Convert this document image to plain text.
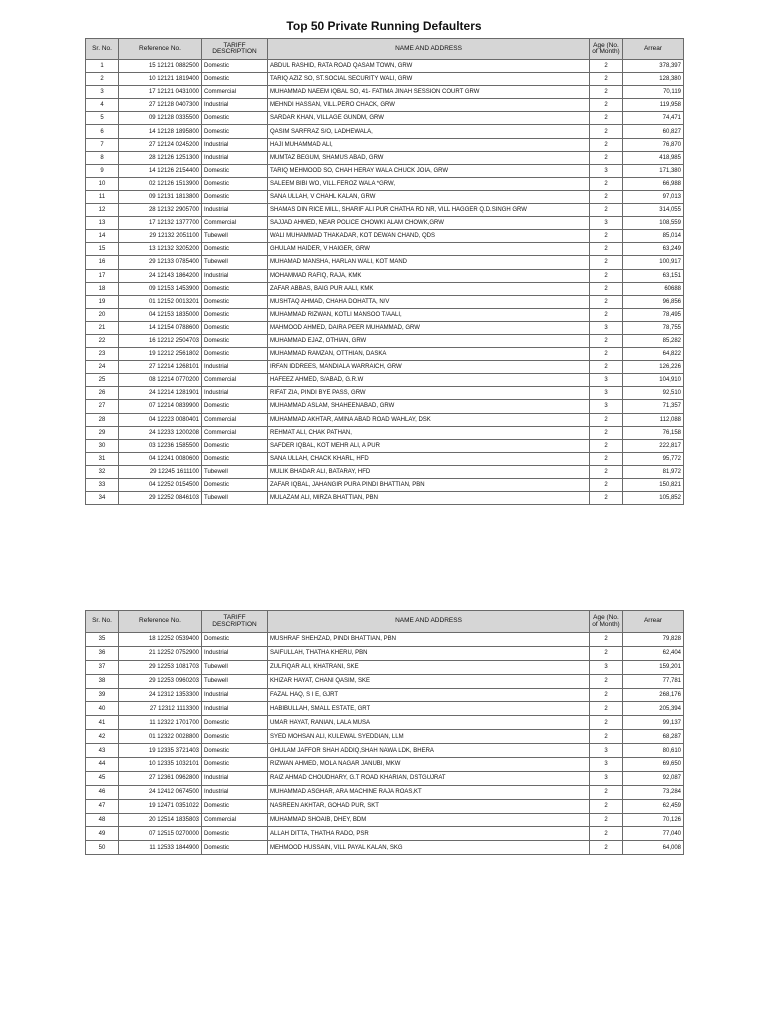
Top 50 Private Running Defaulters
Sr. No.	Reference No.	TARIFF DESCRIPTION	NAME AND ADDRESS	Age (No. of Month)	Arrear
1	15 12121 0882500	Domestic	ABDUL RASHID, RATA ROAD QASAM TOWN, GRW	2	378,397
2	10 12121 1819400	Domestic	TARIQ AZIZ SO, ST.SOCIAL SECURITY WALI, GRW	2	128,380
3	17 12121 0431000	Commercial	MUHAMMAD NAEEM IQBAL SO, 41- FATIMA JINAH SESSION COURT GRW	2	70,119
4	27 12128 0407300	Industrial	MEHNDI HASSAN, VILL.PERO CHACK, GRW	2	119,958
5	09 12128 0335500	Domestic	SARDAR KHAN, VILLAGE GUNDM, GRW	2	74,471
6	14 12128 1895800	Domestic	QASIM SARFRAZ S/O, LADHEWALA,	2	60,827
7	27 12124 0245200	Industrial	HAJI MUHAMMAD ALI,	2	76,870
8	28 12126 1251300	Industrial	MUMTAZ BEGUM, SHAMUS ABAD, GRW	2	418,985
9	14 12126 2154400	Domestic	TARIQ MEHMOOD SO, CHAH HERAY WALA CHUCK JOIA, GRW	3	171,380
10	02 12126 1513900	Domestic	SALEEM BIBI WO, VILL.FEROZ WALA *GRW,	2	66,988
11	09 12131 1813800	Domestic	SANA ULLAH, V CHAHL KALAN, GRW	2	97,013
12	28 12132 2905700	Industrial	SHAMAS DIN RICE MILL, SHARIF ALI PUR CHATHA RD NR, VILL HAGGER Q.D.SINGH GRW	2	314,055
13	17 12132 1377700	Commercial	SAJJAD AHMED, NEAR POLICE CHOWKI ALAM CHOWK,GRW	3	108,559
14	29 12132 2051100	Tubewell	WALI MUHAMMAD THAKADAR, KOT DEWAN CHAND, QDS	2	85,014
15	13 12132 3205200	Domestic	GHULAM HAIDER, V HAIGER, GRW	2	63,249
16	29 12133 0785400	Tubewell	MUHAMAD MANSHA, HARLAN WALI, KOT MAND	2	100,917
17	24 12143 1864200	Industrial	MOHAMMAD RAFIQ, RAJA, KMK	2	63,151
18	09 12153 1453900	Domestic	ZAFAR ABBAS, BAIG PUR AALI, KMK	2	60688
19	01 12152 0013201	Domestic	MUSHTAQ AHMAD, CHAHA DOHATTA, N/V	2	96,856
20	04 12153 1835000	Domestic	MUHAMMAD RIZWAN, KOTLI MANSOO T/AALI,	2	78,495
21	14 12154 0788600	Domestic	MAHMOOD AHMED, DAIRA PEER MUHAMMAD, GRW	3	78,755
22	16 12212 2504703	Domestic	MUHAMMAD EJAZ, OTHIAN, GRW	2	85,282
23	19 12212 2561802	Domestic	MUHAMMAD RAMZAN, OTTHIAN, DASKA	2	64,822
24	27 12214 1268101	Industrial	IRFAN IDDREES, MANDIALA WARRAICH, GRW	2	126,226
25	08 12214 0770200	Commercial	HAFEEZ AHMED, S/ABAD, G.R.W	3	104,910
26	24 12214 1281901	Industrial	RIFAT ZIA, PINDI BYE PASS, GRW	3	92,510
27	07 12214 0839900	Domestic	MUHAMMAD ASLAM, SHAHEENABAD, GRW	3	71,357
28	04 12223 0080401	Commercial	MUHAMMAD AKHTAR, AMINA ABAD ROAD WAHLAY, DSK	2	112,088
29	24 12233 1200208	Commercial	REHMAT ALI, CHAK PATHAN,	2	76,158
30	03 12236 1585500	Domestic	SAFDER IQBAL, KOT MEHR ALI, A PUR	2	222,817
31	04 12241 0080600	Domestic	SANA ULLAH, CHACK KHARL, HFD	2	95,772
32	29 12245 1611100	Tubewell	MULIK BHADAR ALI, BATARAY, HFD	2	81,972
33	04 12252 0154500	Domestic	ZAFAR IQBAL, JAHANGIR PURA PINDI BHATTIAN, PBN	2	150,821
34	29 12252 0846103	Tubewell	MULAZAM ALI, MIRZA BHATTIAN, PBN	2	105,852
Sr. No.	Reference No.	TARIFF DESCRIPTION	NAME AND ADDRESS	Age (No. of Month)	Arrear
35	18 12252 0539400	Domestic	MUSHRAF SHEHZAD, PINDI BHATTIAN, PBN	2	79,828
36	21 12252 0752900	Industrial	SAIFULLAH, THATHA KHERU, PBN	2	62,404
37	29 12253 1081703	Tubewell	ZULFIQAR ALI, KHATRANI, SKE	3	159,201
38	29 12253 0960203	Tubewell	KHIZAR HAYAT, CHANI QASIM, SKE	2	77,781
39	24 12312 1353300	Industrial	FAZAL HAQ, S I E, GJRT	2	268,176
40	27 12312 1113300	Industrial	HABIBULLAH, SMALL ESTATE, GRT	2	205,394
41	11 12322 1701700	Domestic	UMAR HAYAT, RANIAN, LALA MUSA	2	99,137
42	01 12322 0028800	Domestic	SYED MOHSAN ALI, KULEWAL SYEDDIAN, LLM	2	68,287
43	19 12335 3721403	Domestic	GHULAM JAFFOR SHAH ADDIQ,SHAH NAWA LDK, BHERA	3	80,610
44	10 12335 1032101	Domestic	RIZWAN AHMED, MOLA NAGAR JANUBI, MKW	3	69,650
45	27 12361 0962800	Industrial	RAIZ AHMAD CHOUDHARY, G.T ROAD KHARIAN, DSTGUJRAT	3	92,087
46	24 12412 0674500	Industrial	MUHAMMAD ASGHAR, ARA MACHINE RAJA ROAS,KT	2	73,284
47	19 12471 0351022	Domestic	NASREEN AKHTAR, GOHAD PUR, SKT	2	62,459
48	20 12514 1835803	Commercial	MUHAMMAD SHOAIB, DHEY, BDM	2	70,126
49	07 12515 0270000	Domestic	ALLAH DITTA, THATHA RADO, PSR	2	77,040
50	11 12533 1844900	Domestic	MEHMOOD HUSSAIN, VILL PAYAL KALAN, SKG	2	64,008
